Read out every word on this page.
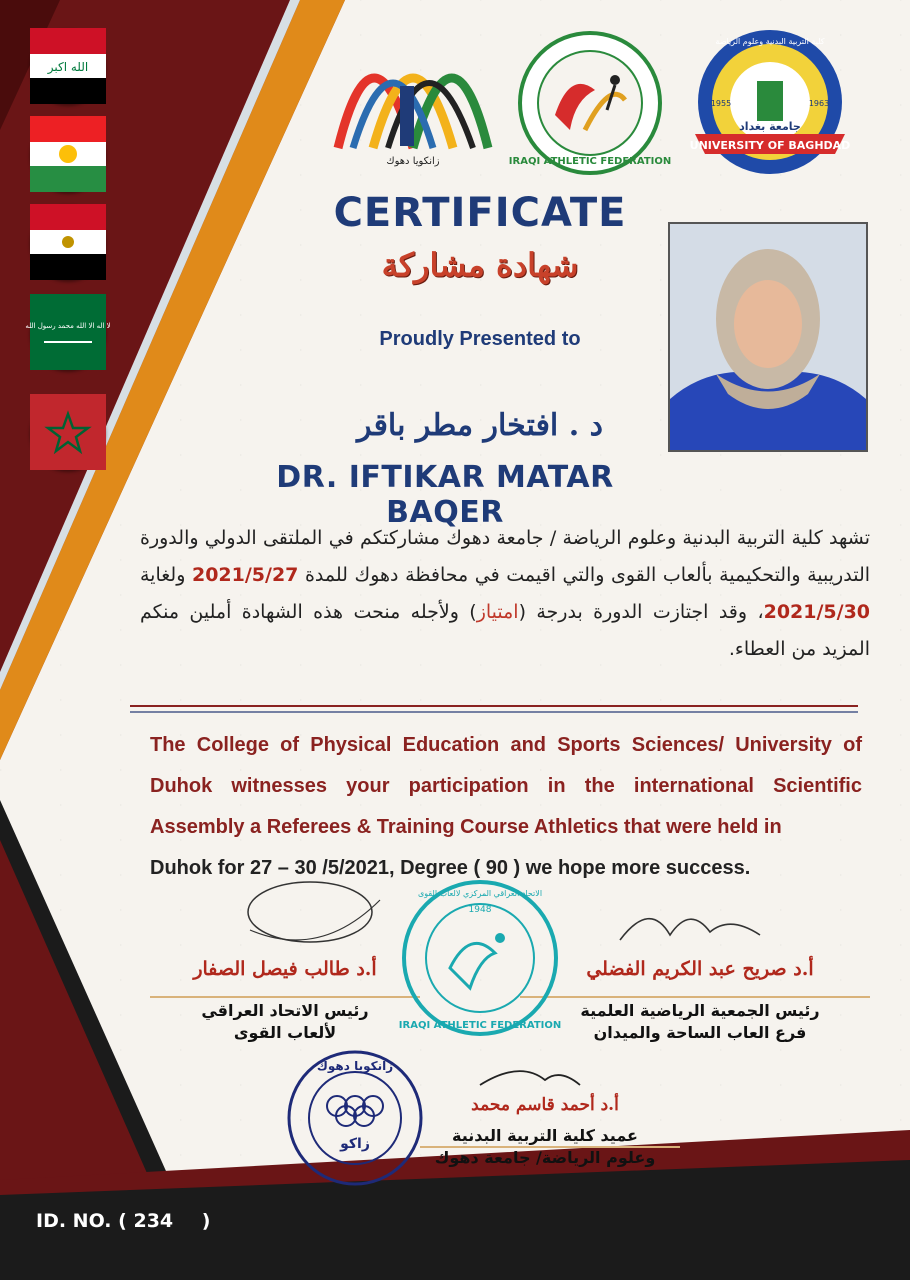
الله اكبر
لا اله الا الله محمد رسول الله
زانكويا دهوك	IRAQI ATHLETIC FEDERATION
UNIVERSITY OF BAGHDAD
كلية التربية البدنية وعلوم الرياضة
جامعة بغداد
1955	1963
CERTIFICATE
شهادة مشاركة
Proudly Presented to
د . افتخار مطر باقر
DR. IFTIKAR MATAR BAQER
تشهد كلية التربية البدنية وعلوم الرياضة / جامعة دهوك مشاركتكم في الملتقى الدولي والدورة التدريبية والتحكيمية بألعاب القوى والتي اقيمت في محافظة دهوك للمدة 2021/5/27 ولغاية 2021/5/30، وقد اجتازت الدورة بدرجة (امتياز) ولأجله منحت هذه الشهادة أملين منكم المزيد من العطاء.
The College of Physical Education and Sports Sciences/ University of Duhok witnesses your participation in the international Scientific Assembly a Referees & Training Course Athletics that were held in
Duhok for 27 – 30 /5/2021, Degree ( 90 ) we hope more success.
IRAQI ATHLETIC FEDERATION
الاتحاد العراقي المركزي لالعاب القوى
1948
زانكويا دهوك
زاكو
أ.د طالب فيصل الصفار
رئيس الاتحاد العراقي
لألعاب القوى
أ.د صريح عبد الكريم الفضلي
رئيس الجمعية الرياضية العلمية
فرع العاب الساحة والميدان
أ.د أحمد قاسم محمد
عميد كلية التربية البدنية
وعلوم الرياضة/ جامعة دهوك
ID. NO. ( 234 )
